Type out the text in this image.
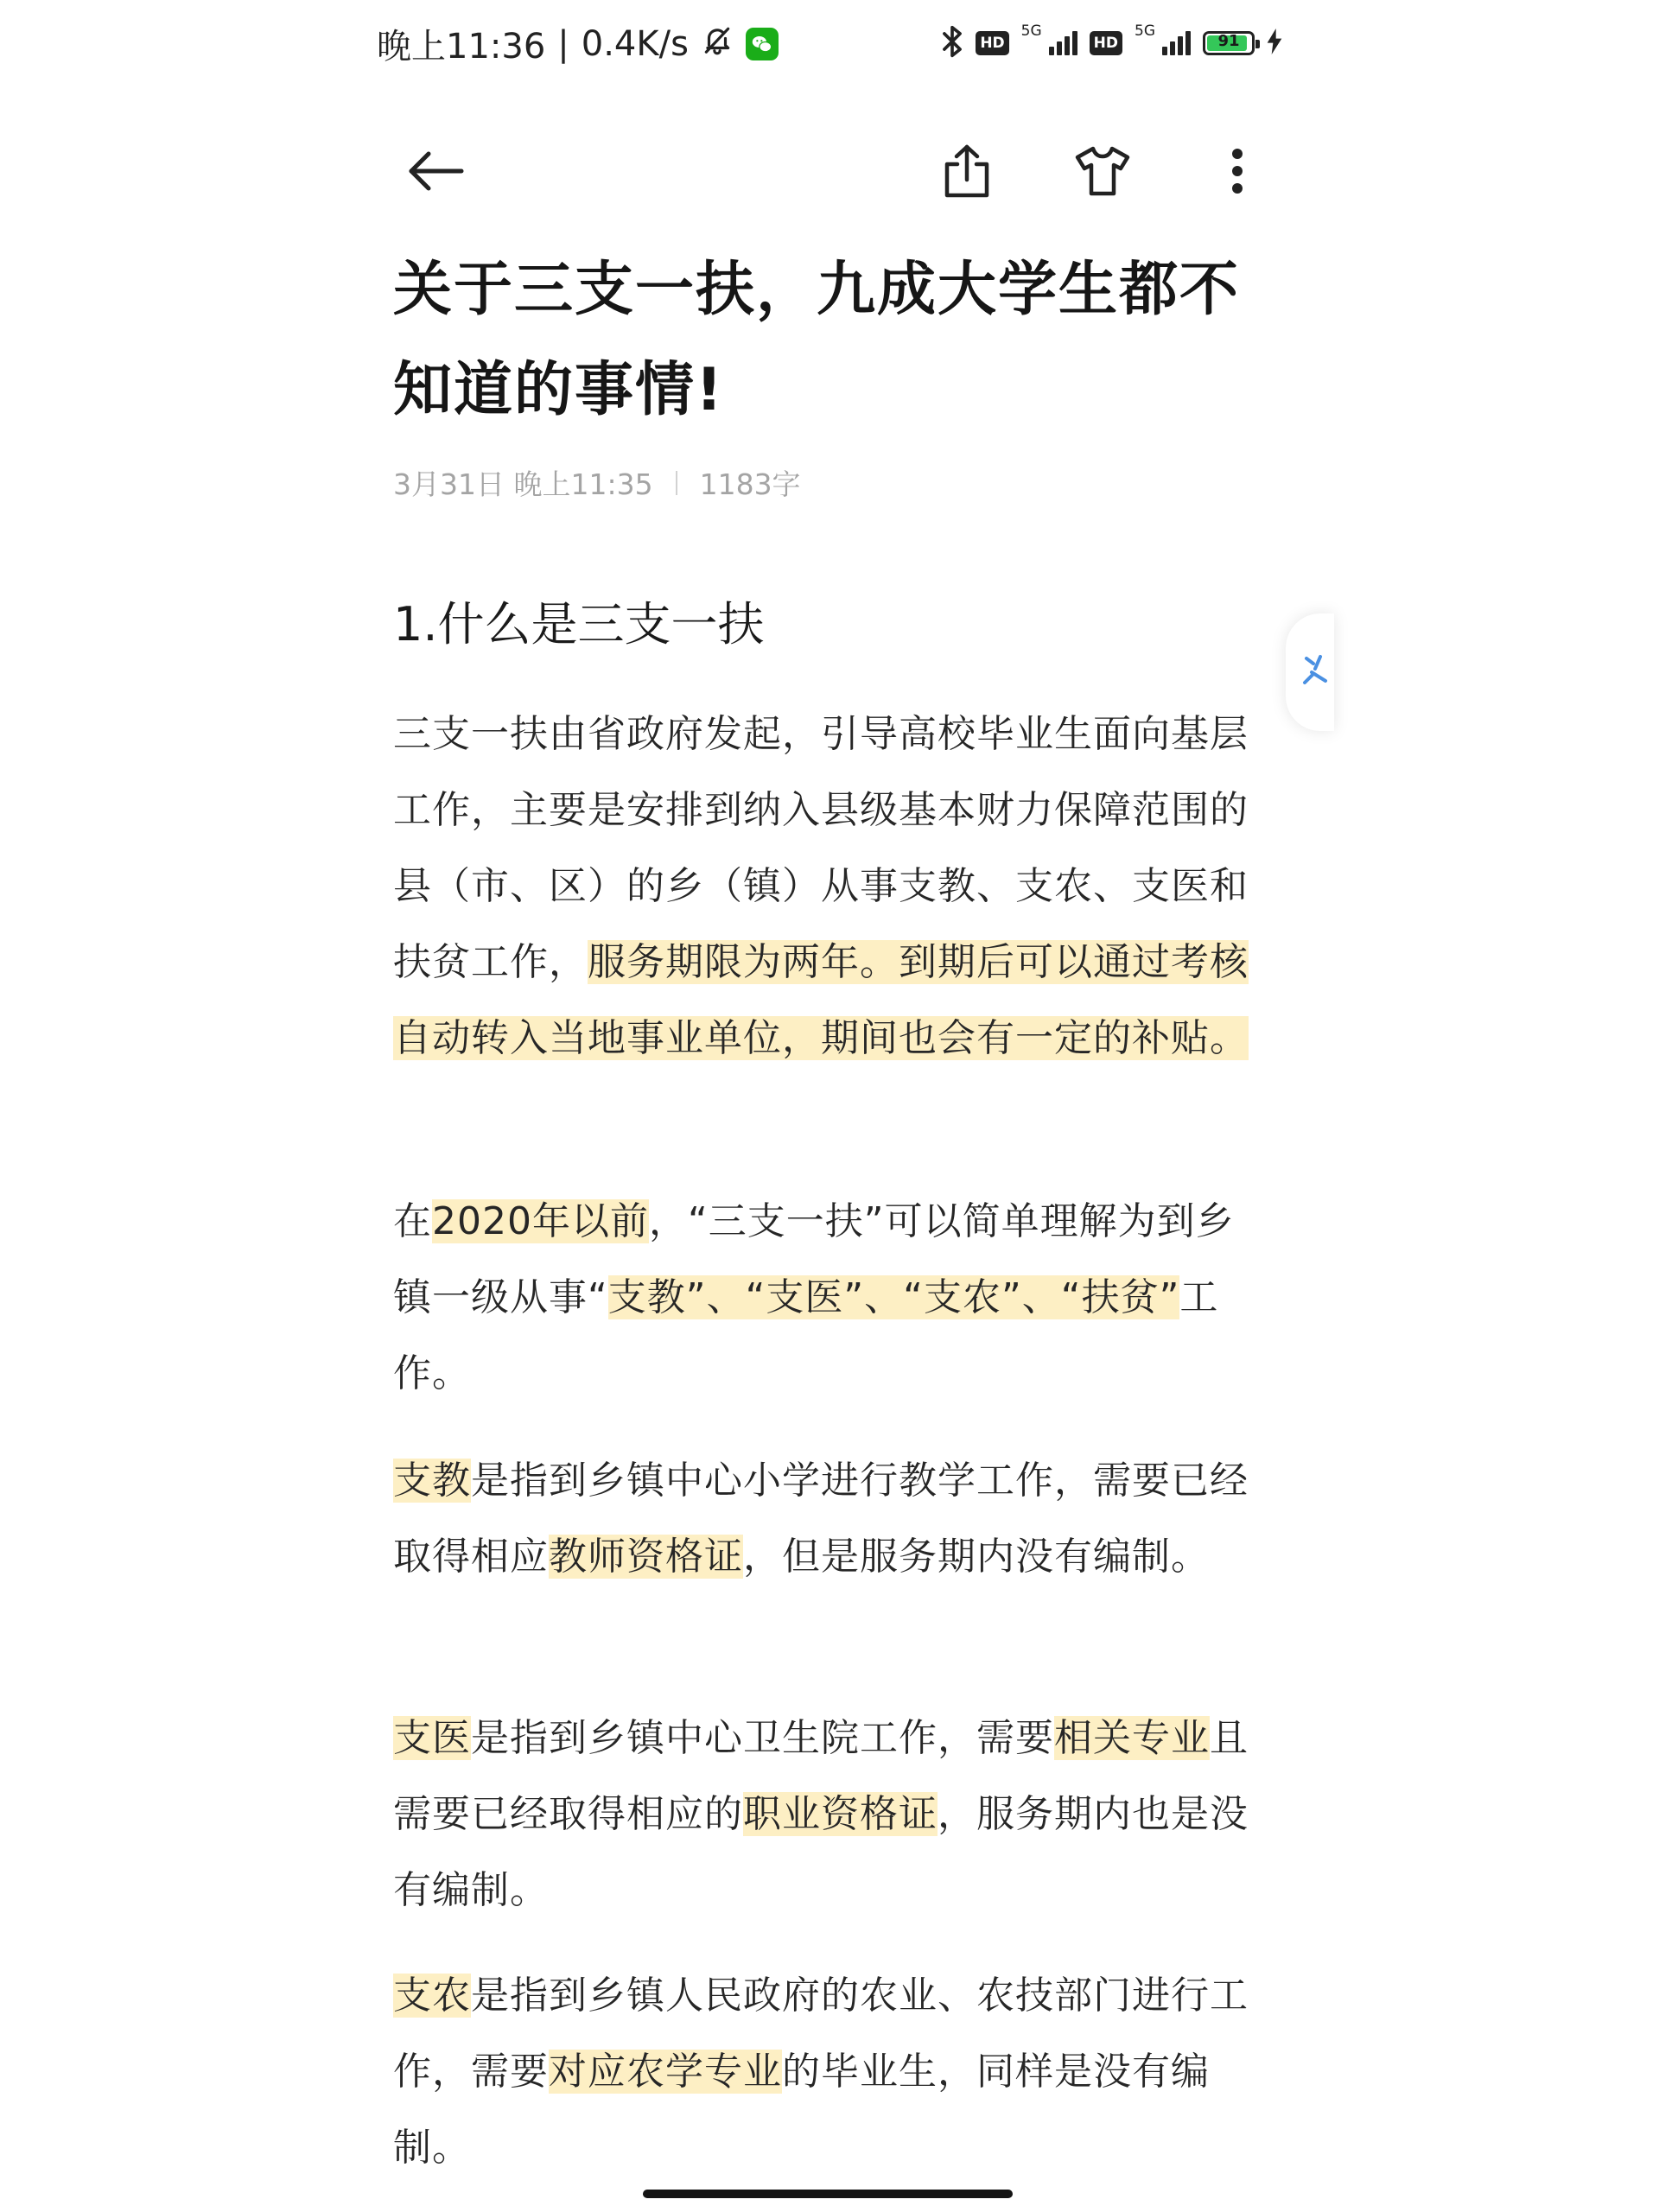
晚上11:36 | 0.4K/s	HD
5G
HD
5G
91
关于三支一扶，九成大学生都不
知道的事情!
3月31日 晚上11:35 1183字
1.什么是三支一扶
三支一扶由省政府发起，引导高校毕业生面向基层工作，主要是安排到纳入县级基本财力保障范围的县（市、区）的乡（镇）从事支教、支农、支医和扶贫工作，服务期限为两年。到期后可以通过考核自动转入当地事业单位，期间也会有一定的补贴。
在2020年以前，“三支一扶”可以简单理解为到乡镇一级从事“支教”、“支医”、“支农”、“扶贫”工作。
支教是指到乡镇中心小学进行教学工作，需要已经取得相应教师资格证，但是服务期内没有编制。
支医是指到乡镇中心卫生院工作，需要相关专业且需要已经取得相应的职业资格证，服务期内也是没有编制。
支农是指到乡镇人民政府的农业、农技部门进行工作，需要对应农学专业的毕业生，同样是没有编制。
